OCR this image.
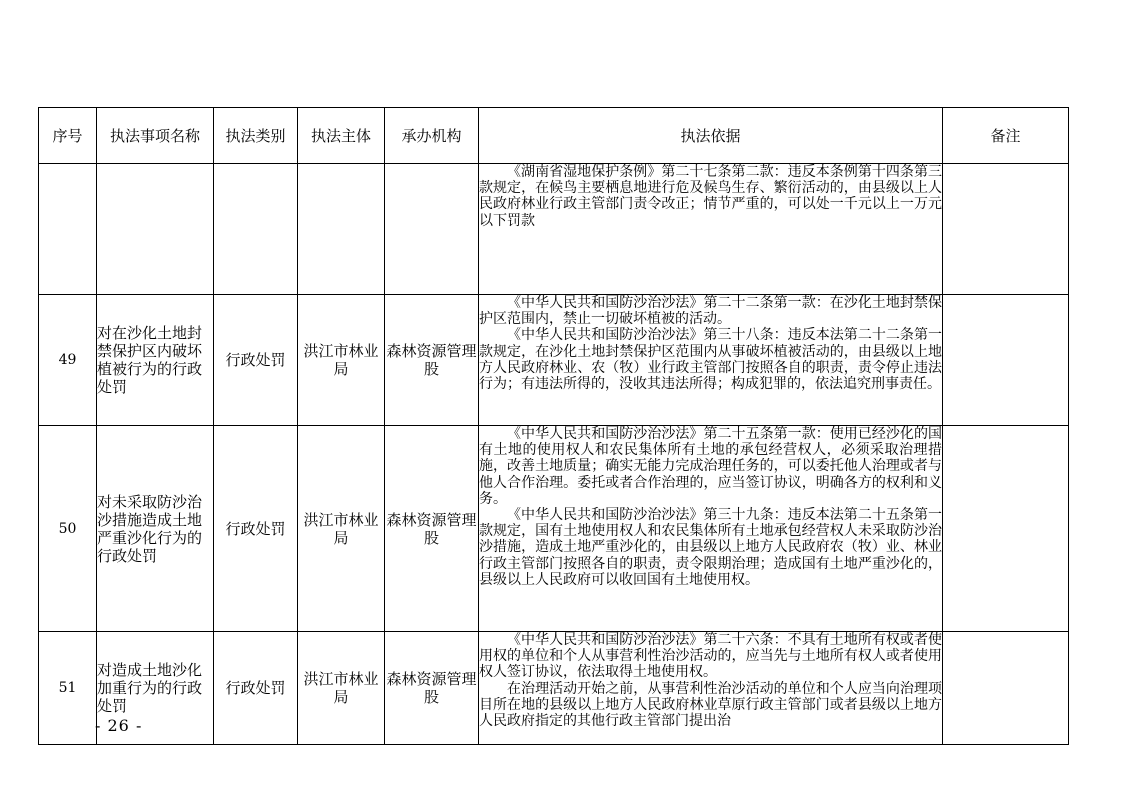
序号	执法事项名称	执法类别	执法主体	承办机构	执法依据	备注

					《湖南省湿地保护条例》第二十七条第二款：违反本条例第十四条第三款规定，在候鸟主要栖息地进行危及候鸟生存、繁衍活动的，由县级以上人民政府林业行政主管部门责令改正；情节严重的，可以处一千元以上一万元以下罚款	

49	对在沙化土地封禁保护区内破坏植被行为的行政处罚	行政处罚	洪江市林业局	森林资源管理股	《中华人民共和国防沙治沙法》第二十二条第一款：在沙化土地封禁保护区范围内，禁止一切破坏植被的活动。

《中华人民共和国防沙治沙法》第三十八条：违反本法第二十二条第一款规定，在沙化土地封禁保护区范围内从事破坏植被活动的，由县级以上地方人民政府林业、农（牧）业行政主管部门按照各自的职责，责令停止违法行为；有违法所得的，没收其违法所得；构成犯罪的，依法追究刑事责任。	

50	对未采取防沙治沙措施造成土地严重沙化行为的行政处罚	行政处罚	洪江市林业局	森林资源管理股	《中华人民共和国防沙治沙法》第二十五条第一款：使用已经沙化的国有土地的使用权人和农民集体所有土地的承包经营权人，必须采取治理措施，改善土地质量；确实无能力完成治理任务的，可以委托他人治理或者与他人合作治理。委托或者合作治理的，应当签订协议，明确各方的权利和义务。

《中华人民共和国防沙治沙法》第三十九条：违反本法第二十五条第一款规定，国有土地使用权人和农民集体所有土地承包经营权人未采取防沙治沙措施，造成土地严重沙化的，由县级以上地方人民政府农（牧）业、林业行政主管部门按照各自的职责，责令限期治理；造成国有土地严重沙化的，县级以上人民政府可以收回国有土地使用权。	

51	对造成土地沙化加重行为的行政处罚	行政处罚	洪江市林业局	森林资源管理股	《中华人民共和国防沙治沙法》第二十六条：不具有土地所有权或者使用权的单位和个人从事营利性治沙活动的，应当先与土地所有权人或者使用权人签订协议，依法取得土地使用权。

在治理活动开始之前，从事营利性治沙活动的单位和个人应当向治理项目所在地的县级以上地方人民政府林业草原行政主管部门或者县级以上地方人民政府指定的其他行政主管部门提出治	

- 26 -
